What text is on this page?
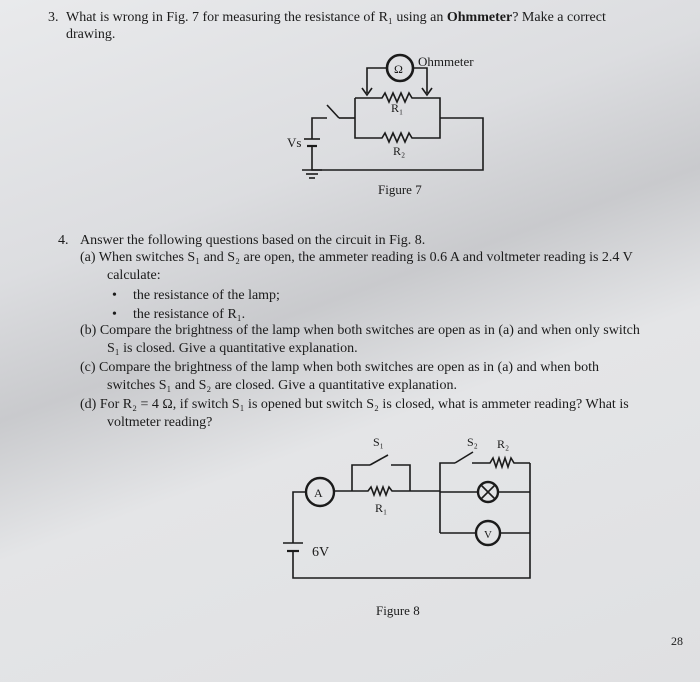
3. What is wrong in Fig. 7 for measuring the resistance of R₁ using an Ohmmeter? Make a correct
drawing.
Ω Ohmmeter
R₁
R₂
Vs
Figure 7
4. Answer the following questions based on the circuit in Fig. 8.
(a) When switches S₁ and S₂ are open, the ammeter reading is 0.6 A and voltmeter reading is 2.4 V
calculate:
• the resistance of the lamp;
• the resistance of R₁.
(b) Compare the brightness of the lamp when both switches are open as in (a) and when only switch
S₁ is closed. Give a quantitative explanation.
(c) Compare the brightness of the lamp when both switches are open as in (a) and when both
switches S₁ and S₂ are closed. Give a quantitative explanation.
(d) For R₂ = 4 Ω, if switch S₁ is opened but switch S₂ is closed, what is ammeter reading? What is
voltmeter reading?
A
V
6V
S₁	S₂ R₂
R₁
Figure 8
28
